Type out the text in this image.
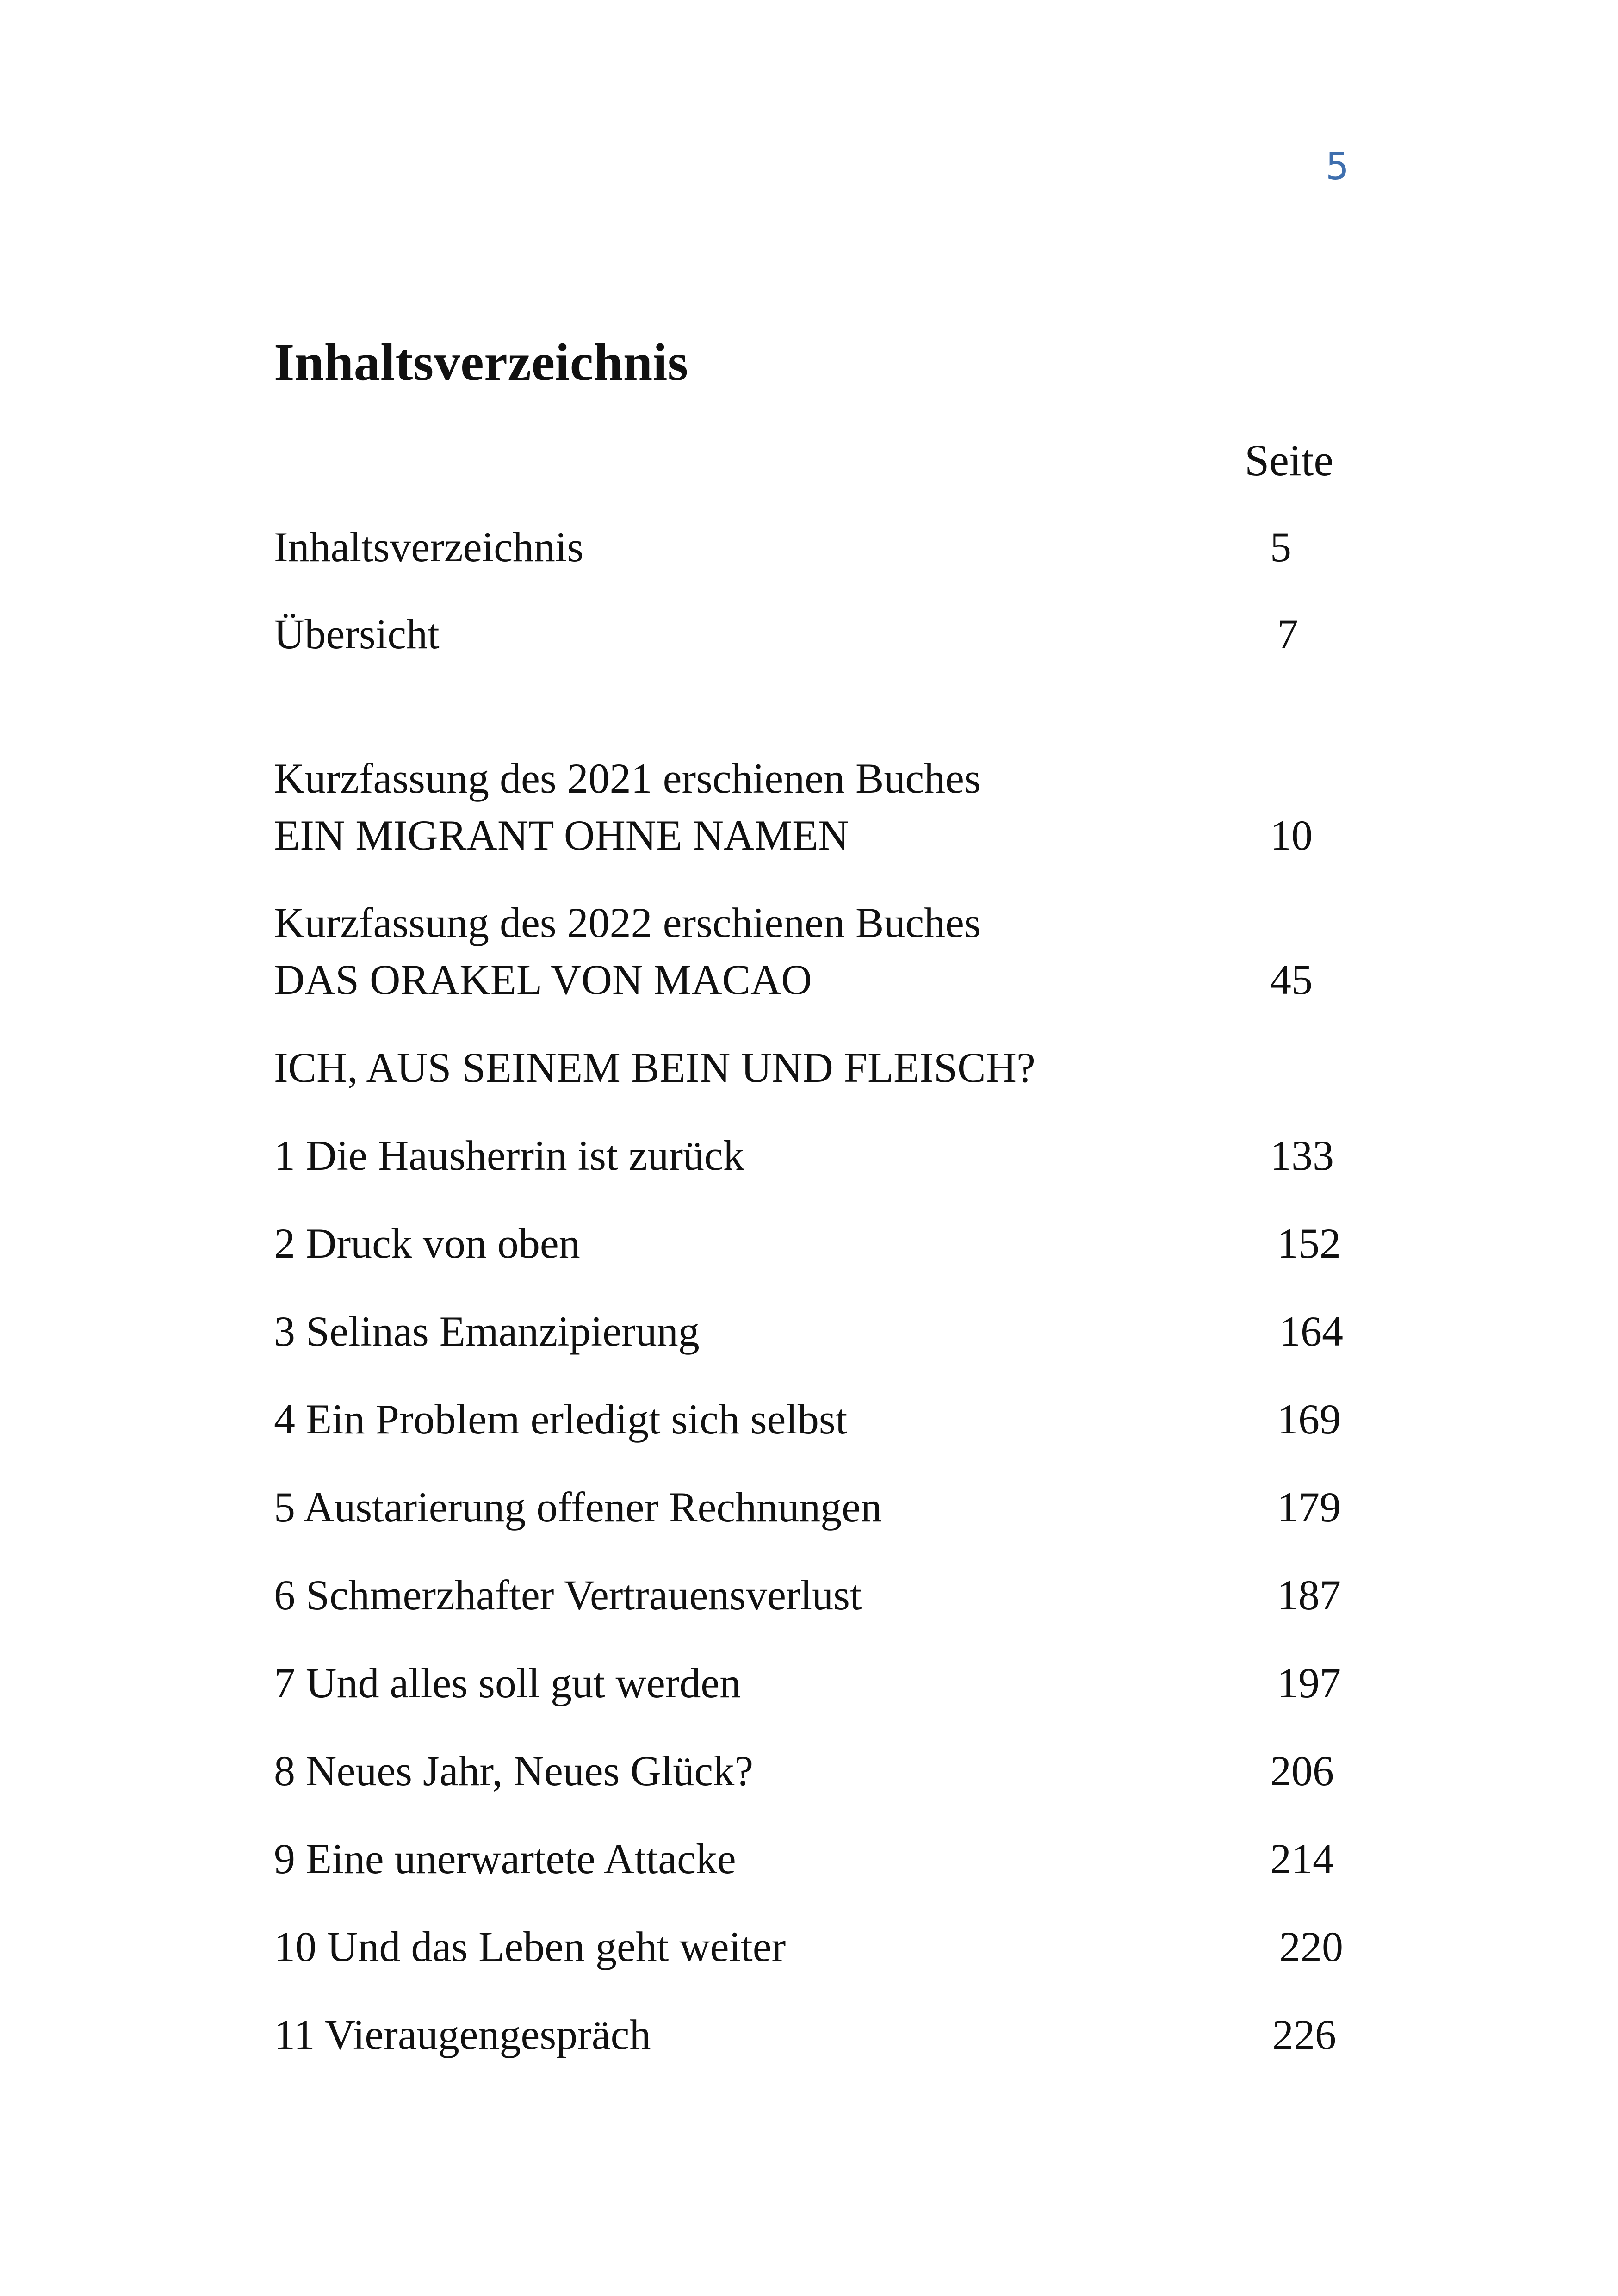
5
Inhaltsverzeichnis
Seite
Inhaltsverzeichnis	5
Übersicht	7
Kurzfassung des 2021 erschienen Buches
EIN MIGRANT OHNE NAMEN	10
Kurzfassung des 2022 erschienen Buches
DAS ORAKEL VON MACAO	45
ICH, AUS SEINEM BEIN UND FLEISCH?
1 Die Hausherrin ist zurück	133
2 Druck von oben	152
3 Selinas Emanzipierung	164
4 Ein Problem erledigt sich selbst	169
5 Austarierung offener Rechnungen	179
6 Schmerzhafter Vertrauensverlust	187
7 Und alles soll gut werden	197
8 Neues Jahr, Neues Glück?	206
9 Eine unerwartete Attacke	214
10 Und das Leben geht weiter	220
11 Vieraugengespräch	226
